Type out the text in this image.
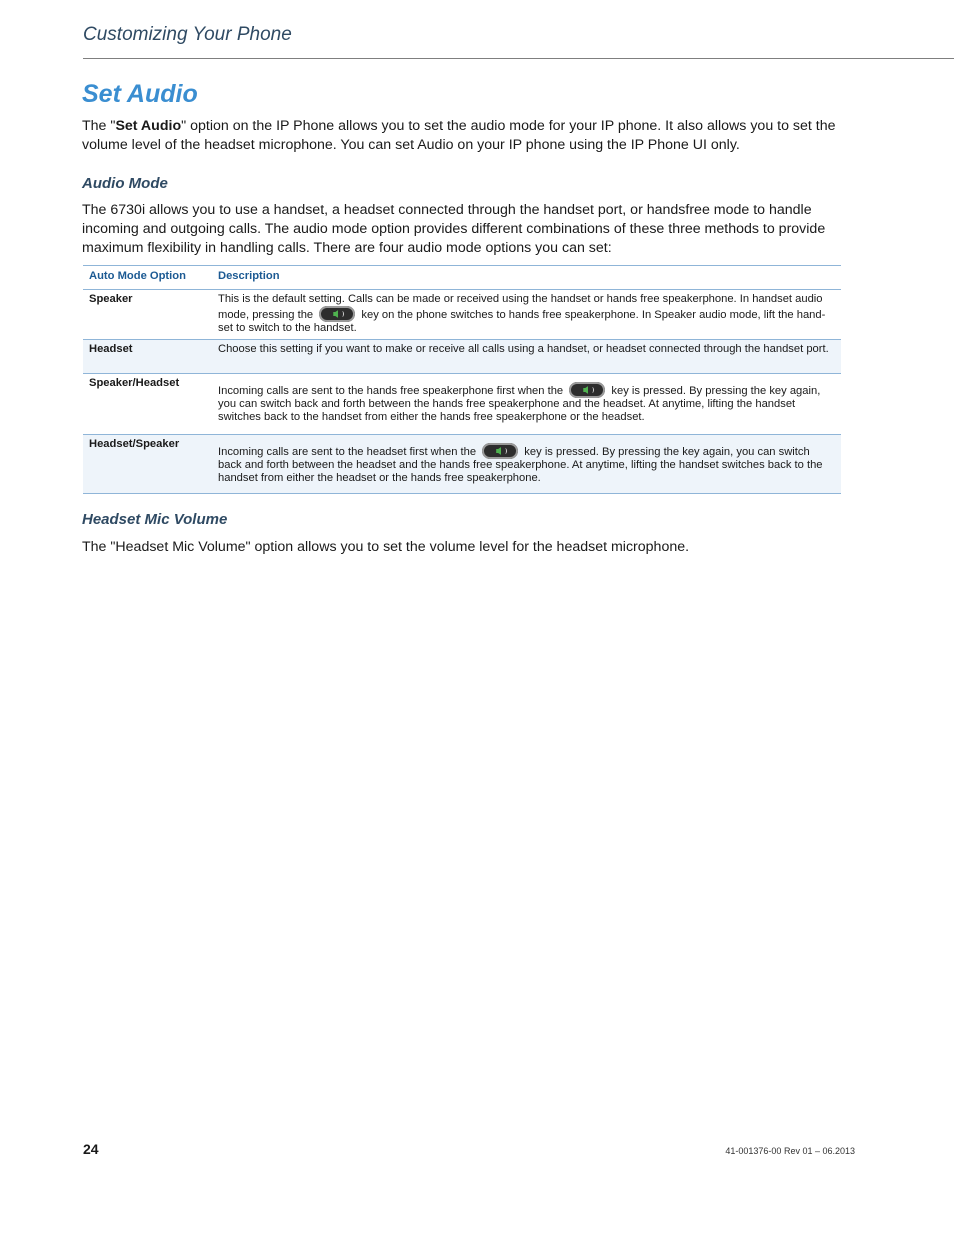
Customizing Your Phone
Set Audio

The "Set Audio" option on the IP Phone allows you to set the audio mode for your IP phone. It also allows you to set the volume level of the headset microphone. You can set Audio on your IP phone using the IP Phone UI only.

Audio Mode

The 6730i allows you to use a handset, a headset connected through the handset port, or handsfree mode to handle incoming and outgoing calls. The audio mode option provides different combinations of these three methods to provide maximum flexibility in handling calls. There are four audio mode options you can set:

Auto Mode Option	Description
Speaker	This is the default setting. Calls can be made or received using the handset or hands free speakerphone. In handset audio mode, pressing the key on the phone switches to hands free speakerphone. In Speaker audio mode, lift the hand-set to switch to the handset.
Headset	Choose this setting if you want to make or receive all calls using a handset, or headset connected through the handset port.
Speaker/Headset	Incoming calls are sent to the hands free speakerphone first when the key is pressed. By pressing the key again, you can switch back and forth between the hands free speakerphone and the headset. At anytime, lifting the handset switches back to the handset from either the hands free speakerphone or the headset.
Headset/Speaker	Incoming calls are sent to the headset first when the key is pressed. By pressing the key again, you can switch back and forth between the headset and the hands free speakerphone. At anytime, lifting the handset switches back to the handset from either the headset or the hands free speakerphone.
Headset Mic Volume

The "Headset Mic Volume" option allows you to set the volume level for the headset microphone.

24	41-001376-00 Rev 01 – 06.2013
